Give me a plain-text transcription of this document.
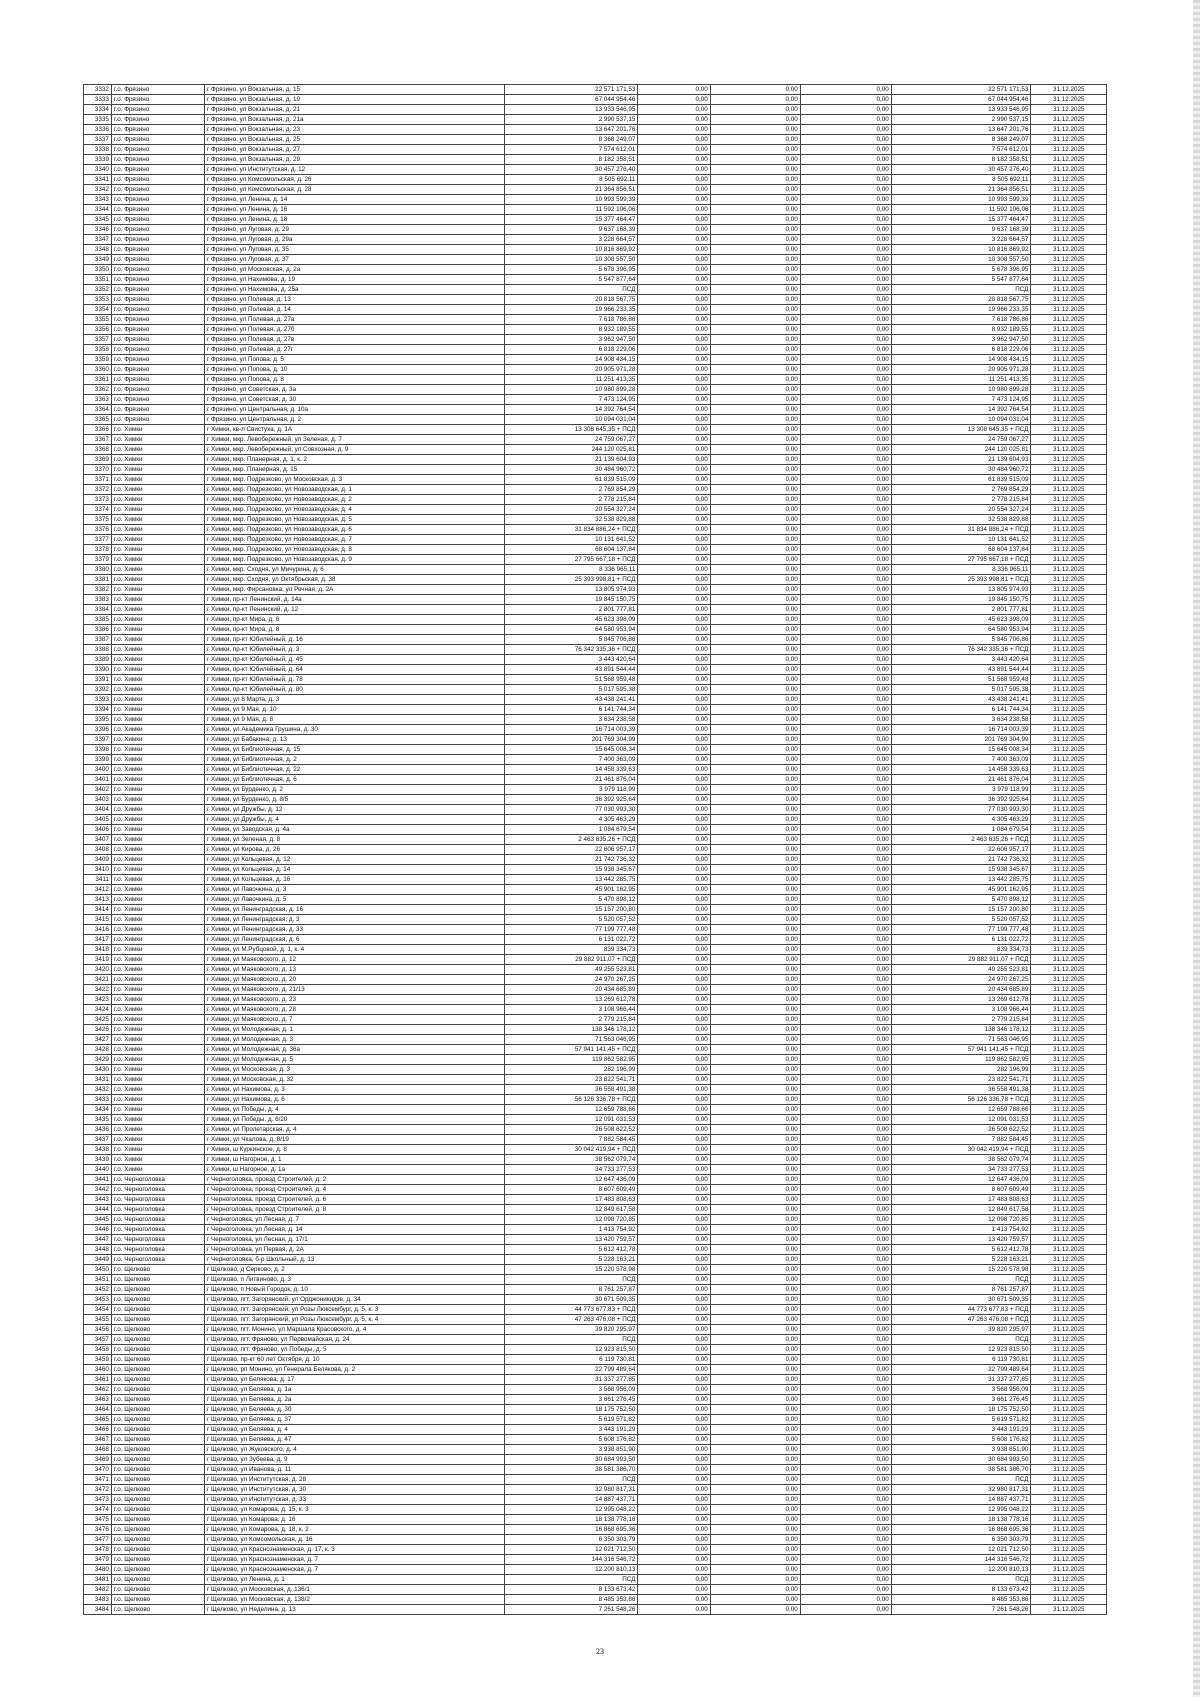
3332	г.о. Фрязино	г Фрязино, ул Вокзальная, д. 15	22 571 171,53	0,00	0,00	0,00	22 571 171,53	31.12.2025
3333	г.о. Фрязино	г Фрязино, ул Вокзальная, д. 19	67 044 954,46	0,00	0,00	0,00	67 044 954,46	31.12.2025
3334	г.о. Фрязино	г Фрязино, ул Вокзальная, д. 21	13 933 546,95	0,00	0,00	0,00	13 933 546,95	31.12.2025
3335	г.о. Фрязино	г Фрязино, ул Вокзальная, д. 21а	2 990 537,15	0,00	0,00	0,00	2 990 537,15	31.12.2025
3336	г.о. Фрязино	г Фрязино, ул Вокзальная, д. 23	13 647 201,76	0,00	0,00	0,00	13 647 201,76	31.12.2025
3337	г.о. Фрязино	г Фрязино, ул Вокзальная, д. 25	8 368 249,07	0,00	0,00	0,00	8 368 249,07	31.12.2025
3338	г.о. Фрязино	г Фрязино, ул Вокзальная, д. 27	7 574 612,01	0,00	0,00	0,00	7 574 612,01	31.12.2025
3339	г.о. Фрязино	г Фрязино, ул Вокзальная, д. 29	8 182 358,51	0,00	0,00	0,00	8 182 358,51	31.12.2025
3340	г.о. Фрязино	г Фрязино, ул Институтская, д. 12	30 457 276,40	0,00	0,00	0,00	30 457 276,40	31.12.2025
3341	г.о. Фрязино	г Фрязино, ул Комсомольская, д. 26	8 505 692,11	0,00	0,00	0,00	8 505 692,11	31.12.2025
3342	г.о. Фрязино	г Фрязино, ул Комсомольская, д. 28	21 364 856,51	0,00	0,00	0,00	21 364 856,51	31.12.2025
3343	г.о. Фрязино	г Фрязино, ул Ленина, д. 14	10 993 599,39	0,00	0,00	0,00	10 993 599,39	31.12.2025
3344	г.о. Фрязино	г Фрязино, ул Ленина, д. 16	11 592 106,06	0,00	0,00	0,00	11 592 106,06	31.12.2025
3345	г.о. Фрязино	г Фрязино, ул Ленина, д. 18	15 377 464,47	0,00	0,00	0,00	15 377 464,47	31.12.2025
3346	г.о. Фрязино	г Фрязино, ул Луговая, д. 29	9 637 168,39	0,00	0,00	0,00	9 637 168,39	31.12.2025
3347	г.о. Фрязино	г Фрязино, ул Луговая, д. 29а	3 228 664,57	0,00	0,00	0,00	3 228 664,57	31.12.2025
3348	г.о. Фрязино	г Фрязино, ул Луговая, д. 35	10 816 869,92	0,00	0,00	0,00	10 816 869,92	31.12.2025
3349	г.о. Фрязино	г Фрязино, ул Луговая, д. 37	10 308 557,50	0,00	0,00	0,00	10 308 557,50	31.12.2025
3350	г.о. Фрязино	г Фрязино, ул Московская, д. 2а	5 678 396,95	0,00	0,00	0,00	5 678 396,95	31.12.2025
3351	г.о. Фрязино	г Фрязино, ул Нахимова, д. 19	5 547 877,64	0,00	0,00	0,00	5 547 877,64	31.12.2025
3352	г.о. Фрязино	г Фрязино, ул Нахимова, д. 25а	ПСД	0,00	0,00	0,00	ПСД	31.12.2025
3353	г.о. Фрязино	г Фрязино, ул Полевая, д. 13	20 818 567,75	0,00	0,00	0,00	20 818 567,75	31.12.2025
3354	г.о. Фрязино	г Фрязино, ул Полевая, д. 14	19 966 233,35	0,00	0,00	0,00	19 966 233,35	31.12.2025
3355	г.о. Фрязино	г Фрязино, ул Полевая, д. 27а	7 618 786,86	0,00	0,00	0,00	7 618 786,86	31.12.2025
3356	г.о. Фрязино	г Фрязино, ул Полевая, д. 27б	8 932 189,55	0,00	0,00	0,00	8 932 189,55	31.12.2025
3357	г.о. Фрязино	г Фрязино, ул Полевая, д. 27в	3 962 947,50	0,00	0,00	0,00	3 962 947,50	31.12.2025
3358	г.о. Фрязино	г Фрязино, ул Полевая, д. 27г	6 818 229,06	0,00	0,00	0,00	6 818 229,06	31.12.2025
3359	г.о. Фрязино	г Фрязино, ул Попова, д. 5	14 908 434,15	0,00	0,00	0,00	14 908 434,15	31.12.2025
3360	г.о. Фрязино	г Фрязино, ул Попова, д. 10	20 905 971,28	0,00	0,00	0,00	20 905 971,28	31.12.2025
3361	г.о. Фрязино	г Фрязино, ул Попова, д. 8	11 251 413,35	0,00	0,00	0,00	11 251 413,35	31.12.2025
3362	г.о. Фрязино	г Фрязино, ул Советская, д. 3а	10 980 899,28	0,00	0,00	0,00	10 980 899,28	31.12.2025
3363	г.о. Фрязино	г Фрязино, ул Советская, д. 30	7 473 124,95	0,00	0,00	0,00	7 473 124,95	31.12.2025
3364	г.о. Фрязино	г Фрязино, ул Центральная, д. 10а	14 392 764,54	0,00	0,00	0,00	14 392 764,54	31.12.2025
3365	г.о. Фрязино	г Фрязино, ул Центральная, д. 2	10 094 031,04	0,00	0,00	0,00	10 094 031,04	31.12.2025
3366	г.о. Химки	г Химки, кв-л Свистуха, д. 1А	13 308 645,35 + ПСД	0,00	0,00	0,00	13 308 645,35 + ПСД	31.12.2025
3367	г.о. Химки	г Химки, мкр. Левобережный, ул Зеленая, д. 7	24 759 067,27	0,00	0,00	0,00	24 759 067,27	31.12.2025
3368	г.о. Химки	г Химки, мкр. Левобережный, ул Совхозная, д. 9	244 120 025,81	0,00	0,00	0,00	244 120 025,81	31.12.2025
3369	г.о. Химки	г Химки, мкр. Планерная, д. 1, к. 2	21 139 604,93	0,00	0,00	0,00	21 139 604,93	31.12.2025
3370	г.о. Химки	г Химки, мкр. Планерная, д. 15	30 484 960,72	0,00	0,00	0,00	30 484 960,72	31.12.2025
3371	г.о. Химки	г Химки, мкр. Подрезково, ул Московская, д. 3	61 839 515,09	0,00	0,00	0,00	61 839 515,09	31.12.2025
3372	г.о. Химки	г Химки, мкр. Подрезково, ул Новозаводская, д. 1	2 769 854,29	0,00	0,00	0,00	2 769 854,29	31.12.2025
3373	г.о. Химки	г Химки, мкр. Подрезково, ул Новозаводская, д. 2	2 778 215,84	0,00	0,00	0,00	2 778 215,84	31.12.2025
3374	г.о. Химки	г Химки, мкр. Подрезково, ул Новозаводская, д. 4	20 554 327,24	0,00	0,00	0,00	20 554 327,24	31.12.2025
3375	г.о. Химки	г Химки, мкр. Подрезково, ул Новозаводская, д. 5	32 538 829,88	0,00	0,00	0,00	32 538 829,88	31.12.2025
3376	г.о. Химки	г Химки, мкр. Подрезково, ул Новозаводская, д. 6	31 834 886,24 + ПСД	0,00	0,00	0,00	31 834 886,24 + ПСД	31.12.2025
3377	г.о. Химки	г Химки, мкр. Подрезково, ул Новозаводская, д. 7	10 131 641,52	0,00	0,00	0,00	10 131 641,52	31.12.2025
3378	г.о. Химки	г Химки, мкр. Подрезково, ул Новозаводская, д. 8	68 604 137,84	0,00	0,00	0,00	68 604 137,84	31.12.2025
3379	г.о. Химки	г Химки, мкр. Подрезково, ул Новозаводская, д. 9	27 795 667,18 + ПСД	0,00	0,00	0,00	27 795 667,18 + ПСД	31.12.2025
3380	г.о. Химки	г Химки, мкр. Сходня, ул Мичурина, д. 6	8 336 965,11	0,00	0,00	0,00	8 336 965,11	31.12.2025
3381	г.о. Химки	г Химки, мкр. Сходня, ул Октябрьская, д. 38	25 393 998,81 + ПСД	0,00	0,00	0,00	25 393 998,81 + ПСД	31.12.2025
3382	г.о. Химки	г Химки, мкр. Фирсановка, ул Речная, д. 2А	13 805 974,93	0,00	0,00	0,00	13 805 974,93	31.12.2025
3383	г.о. Химки	г Химки, пр-кт Ленинский, д. 14а	19 845 150,75	0,00	0,00	0,00	19 845 150,75	31.12.2025
3384	г.о. Химки	г Химки, пр-кт Ленинский, д. 12	2 801 777,81	0,00	0,00	0,00	2 801 777,81	31.12.2025
3385	г.о. Химки	г Химки, пр-кт Мира, д. 6	45 623 398,09	0,00	0,00	0,00	45 623 398,09	31.12.2025
3386	г.о. Химки	г Химки, пр-кт Мира, д. 8	64 580 953,94	0,00	0,00	0,00	64 580 953,94	31.12.2025
3387	г.о. Химки	г Химки, пр-кт Юбилейный, д. 16	5 845 706,86	0,00	0,00	0,00	5 845 706,86	31.12.2025
3388	г.о. Химки	г Химки, пр-кт Юбилейный, д. 3	76 342 335,36 + ПСД	0,00	0,00	0,00	76 342 335,36 + ПСД	31.12.2025
3389	г.о. Химки	г Химки, пр-кт Юбилейный, д. 45	3 443 420,64	0,00	0,00	0,00	3 443 420,64	31.12.2025
3390	г.о. Химки	г Химки, пр-кт Юбилейный, д. 64	43 891 544,44	0,00	0,00	0,00	43 891 544,44	31.12.2025
3391	г.о. Химки	г Химки, пр-кт Юбилейный, д. 78	51 568 959,48	0,00	0,00	0,00	51 568 959,48	31.12.2025
3392	г.о. Химки	г Химки, пр-кт Юбилейный, д. 80	5 017 595,38	0,00	0,00	0,00	5 017 595,38	31.12.2025
3393	г.о. Химки	г Химки, ул 8 Марта, д. 3	43 438 241,41	0,00	0,00	0,00	43 438 241,41	31.12.2025
3394	г.о. Химки	г Химки, ул 9 Мая, д. 10	6 141 744,34	0,00	0,00	0,00	6 141 744,34	31.12.2025
3395	г.о. Химки	г Химки, ул 9 Мая, д. 8	3 634 238,58	0,00	0,00	0,00	3 634 238,58	31.12.2025
3396	г.о. Химки	г Химки, ул Академика Грушина, д. 30	16 714 003,39	0,00	0,00	0,00	16 714 003,39	31.12.2025
3397	г.о. Химки	г Химки, ул Бабакина, д. 13	201 769 304,99	0,00	0,00	0,00	201 769 304,99	31.12.2025
3398	г.о. Химки	г Химки, ул Библиотечная, д. 15	15 645 008,34	0,00	0,00	0,00	15 645 008,34	31.12.2025
3399	г.о. Химки	г Химки, ул Библиотечная, д. 2	7 400 363,09	0,00	0,00	0,00	7 400 363,09	31.12.2025
3400	г.о. Химки	г Химки, ул Библиотечная, д. 22	14 458 339,63	0,00	0,00	0,00	14 458 339,63	31.12.2025
3401	г.о. Химки	г Химки, ул Библиотечная, д. 6	21 461 876,04	0,00	0,00	0,00	21 461 876,04	31.12.2025
3402	г.о. Химки	г Химки, ул Бурденко, д. 2	3 979 118,99	0,00	0,00	0,00	3 979 118,99	31.12.2025
3403	г.о. Химки	г Химки, ул Бурденко, д. 8/5	36 392 925,64	0,00	0,00	0,00	36 392 925,64	31.12.2025
3404	г.о. Химки	г Химки, ул Дружбы, д. 12	77 030 993,30	0,00	0,00	0,00	77 030 993,30	31.12.2025
3405	г.о. Химки	г Химки, ул Дружбы, д. 4	4 305 463,29	0,00	0,00	0,00	4 305 463,29	31.12.2025
3406	г.о. Химки	г Химки, ул Заводская, д. 4а	1 084 679,54	0,00	0,00	0,00	1 084 679,54	31.12.2025
3407	г.о. Химки	г Химки, ул Зеленая, д. 8	2 463 635,26 + ПСД	0,00	0,00	0,00	2 463 635,26 + ПСД	31.12.2025
3408	г.о. Химки	г Химки, ул Кирова, д. 26	22 606 957,17	0,00	0,00	0,00	22 606 957,17	31.12.2025
3409	г.о. Химки	г Химки, ул Кольцевая, д. 12	21 742 736,32	0,00	0,00	0,00	21 742 736,32	31.12.2025
3410	г.о. Химки	г Химки, ул Кольцевая, д. 14	15 938 345,67	0,00	0,00	0,00	15 938 345,67	31.12.2025
3411	г.о. Химки	г Химки, ул Кольцевая, д. 16	13 442 285,75	0,00	0,00	0,00	13 442 285,75	31.12.2025
3412	г.о. Химки	г Химки, ул Лавочкина, д. 3	45 901 162,95	0,00	0,00	0,00	45 901 162,95	31.12.2025
3413	г.о. Химки	г Химки, ул Лавочкина, д. 5	5 470 898,12	0,00	0,00	0,00	5 470 898,12	31.12.2025
3414	г.о. Химки	г Химки, ул Ленинградская, д. 16	15 157 200,80	0,00	0,00	0,00	15 157 200,80	31.12.2025
3415	г.о. Химки	г Химки, ул Ленинградская, д. 3	5 520 057,52	0,00	0,00	0,00	5 520 057,52	31.12.2025
3416	г.о. Химки	г Химки, ул Ленинградская, д. 33	77 199 777,48	0,00	0,00	0,00	77 199 777,48	31.12.2025
3417	г.о. Химки	г Химки, ул Ленинградская, д. 6	6 131 022,72	0,00	0,00	0,00	6 131 022,72	31.12.2025
3418	г.о. Химки	г Химки, ул М.Рубцовой, д. 1, к. 4	839 334,73	0,00	0,00	0,00	839 334,73	31.12.2025
3419	г.о. Химки	г Химки, ул Маяковского, д. 12	29 882 911,07 + ПСД	0,00	0,00	0,00	29 882 911,07 + ПСД	31.12.2025
3420	г.о. Химки	г Химки, ул Маяковского, д. 13	49 255 523,81	0,00	0,00	0,00	49 255 523,81	31.12.2025
3421	г.о. Химки	г Химки, ул Маяковского, д. 20	24 970 267,25	0,00	0,00	0,00	24 970 267,25	31.12.2025
3422	г.о. Химки	г Химки, ул Маяковского, д. 21/13	20 434 685,89	0,00	0,00	0,00	20 434 685,89	31.12.2025
3423	г.о. Химки	г Химки, ул Маяковского, д. 23	13 269 612,78	0,00	0,00	0,00	13 269 612,78	31.12.2025
3424	г.о. Химки	г Химки, ул Маяковского, д. 28	3 108 966,44	0,00	0,00	0,00	3 108 966,44	31.12.2025
3425	г.о. Химки	г Химки, ул Маяковского, д. 7	2 779 215,84	0,00	0,00	0,00	2 779 215,84	31.12.2025
3426	г.о. Химки	г Химки, ул Молодежная, д. 1	138 346 178,12	0,00	0,00	0,00	138 346 178,12	31.12.2025
3427	г.о. Химки	г Химки, ул Молодежная, д. 3	71 563 046,95	0,00	0,00	0,00	71 563 046,95	31.12.2025
3428	г.о. Химки	г Химки, ул Молодежная, д. 36а	57 941 141,45 + ПСД	0,00	0,00	0,00	57 941 141,45 + ПСД	31.12.2025
3429	г.о. Химки	г Химки, ул Молодежная, д. 5	119 862 582,95	0,00	0,00	0,00	119 862 582,95	31.12.2025
3430	г.о. Химки	г Химки, ул Московская, д. 3	282 196,99	0,00	0,00	0,00	282 196,99	31.12.2025
3431	г.о. Химки	г Химки, ул Московская, д. 32	23 822 541,71	0,00	0,00	0,00	23 822 541,71	31.12.2025
3432	г.о. Химки	г Химки, ул Нахимова, д. 3	36 558 491,38	0,00	0,00	0,00	36 558 491,38	31.12.2025
3433	г.о. Химки	г Химки, ул Нахимова, д. 6	56 126 336,78 + ПСД	0,00	0,00	0,00	56 126 336,78 + ПСД	31.12.2025
3434	г.о. Химки	г Химки, ул Победы, д. 4	12 659 788,66	0,00	0,00	0,00	12 659 788,66	31.12.2025
3435	г.о. Химки	г Химки, ул Победы, д. 6/20	12 091 031,53	0,00	0,00	0,00	12 091 031,53	31.12.2025
3436	г.о. Химки	г Химки, ул Пролетарская, д. 4	26 508 622,52	0,00	0,00	0,00	26 508 622,52	31.12.2025
3437	г.о. Химки	г Химки, ул Чкалова, д. 8/19	7 882 584,45	0,00	0,00	0,00	7 882 584,45	31.12.2025
3438	г.о. Химки	г Химки, ш Куркинское, д. 8	30 042 419,94 + ПСД	0,00	0,00	0,00	30 042 419,94 + ПСД	31.12.2025
3439	г.о. Химки	г Химки, ш Нагорное, д. 1	38 562 079,74	0,00	0,00	0,00	38 562 079,74	31.12.2025
3440	г.о. Химки	г Химки, ш Нагорное, д. 1а	34 733 277,53	0,00	0,00	0,00	34 733 277,53	31.12.2025
3441	г.о. Черноголовка	г Черноголовка, проезд Строителей, д. 2	12 647 436,09	0,00	0,00	0,00	12 647 436,09	31.12.2025
3442	г.о. Черноголовка	г Черноголовка, проезд Строителей, д. 4	8 607 609,49	0,00	0,00	0,00	8 607 609,49	31.12.2025
3443	г.о. Черноголовка	г Черноголовка, проезд Строителей, д. 6	17 483 808,63	0,00	0,00	0,00	17 483 808,63	31.12.2025
3444	г.о. Черноголовка	г Черноголовка, проезд Строителей, д. 8	12 849 617,58	0,00	0,00	0,00	12 849 617,58	31.12.2025
3445	г.о. Черноголовка	г Черноголовка, ул Лесная, д. 7	12 098 720,85	0,00	0,00	0,00	12 098 720,85	31.12.2025
3446	г.о. Черноголовка	г Черноголовка, ул Лесная, д. 14	1 413 754,92	0,00	0,00	0,00	1 413 754,92	31.12.2025
3447	г.о. Черноголовка	г Черноголовка, ул Лесная, д. 17/1	13 420 759,57	0,00	0,00	0,00	13 420 759,57	31.12.2025
3448	г.о. Черноголовка	г Черноголовка, ул Первая, д. 2А	5 612 412,78	0,00	0,00	0,00	5 612 412,78	31.12.2025
3449	г.о. Черноголовка	г Черноголовка, б-р Школьный, д. 13	5 228 163,21	0,00	0,00	0,00	5 228 163,21	31.12.2025
3450	г.о. Щелково	г Щелково, д Серково, д. 2	15 220 578,98	0,00	0,00	0,00	15 220 578,98	31.12.2025
3451	г.о. Щелково	г Щелково, п Литвиново, д. 3	ПСД	0,00	0,00	0,00	ПСД	31.12.2025
3452	г.о. Щелково	г Щелково, п Новый Городок, д. 10	8 761 257,87	0,00	0,00	0,00	8 761 257,87	31.12.2025
3453	г.о. Щелково	г Щелково, пгт. Загорянский, ул Орджоникидзе, д. 34	30 671 509,35	0,00	0,00	0,00	30 671 509,35	31.12.2025
3454	г.о. Щелково	г Щелково, пгт. Загорянский, ул Розы Люксембург, д. 5, к. 3	44 773 677,83 + ПСД	0,00	0,00	0,00	44 773 677,83 + ПСД	31.12.2025
3455	г.о. Щелково	г Щелково, пгт. Загорянский, ул Розы Люксембург, д. 5, к. 4	47 263 476,08 + ПСД	0,00	0,00	0,00	47 263 476,08 + ПСД	31.12.2025
3456	г.о. Щелково	г Щелково, пгт. Монино, ул Маршала Красовского, д. 4	39 820 295,97	0,00	0,00	0,00	39 820 295,97	31.12.2025
3457	г.о. Щелково	г Щелково, пгт. Фряново, ул Первомайская, д. 24	ПСД	0,00	0,00	0,00	ПСД	31.12.2025
3458	г.о. Щелково	г Щелково, пгт. Фряново, ул Победы, д. 5	12 923 815,50	0,00	0,00	0,00	12 923 815,50	31.12.2025
3459	г.о. Щелково	г Щелково, пр-кт 60 лет Октября, д. 10	6 119 730,81	0,00	0,00	0,00	6 119 730,81	31.12.2025
3460	г.о. Щелково	г Щелково, рп Монино, ул Генерала Белякова, д. 2	22 799 489,64	0,00	0,00	0,00	22 799 489,64	31.12.2025
3461	г.о. Щелково	г Щелково, ул Белякова, д. 17	31 337 277,85	0,00	0,00	0,00	31 337 277,85	31.12.2025
3462	г.о. Щелково	г Щелково, ул Беляева, д. 1а	3 568 956,09	0,00	0,00	0,00	3 568 956,09	31.12.2025
3463	г.о. Щелково	г Щелково, ул Беляева, д. 2а	3 661 276,45	0,00	0,00	0,00	3 661 276,45	31.12.2025
3464	г.о. Щелково	г Щелково, ул Беляева, д. 3б	18 175 752,50	0,00	0,00	0,00	18 175 752,50	31.12.2025
3465	г.о. Щелково	г Щелково, ул Беляева, д. 37	5 619 571,82	0,00	0,00	0,00	5 619 571,82	31.12.2025
3466	г.о. Щелково	г Щелково, ул Беляева, д. 4	3 443 191,29	0,00	0,00	0,00	3 443 191,29	31.12.2025
3467	г.о. Щелково	г Щелково, ул Беляева, д. 47	5 608 176,82	0,00	0,00	0,00	5 608 176,82	31.12.2025
3468	г.о. Щелково	г Щелково, ул Жуковского, д. 4	3 938 851,90	0,00	0,00	0,00	3 938 851,90	31.12.2025
3469	г.о. Щелково	г Щелково, ул Зубеева, д. 9	30 684 993,50	0,00	0,00	0,00	30 684 993,50	31.12.2025
3470	г.о. Щелково	г Щелково, ул Иванова, д. 11	38 581 386,70	0,00	0,00	0,00	38 581 386,70	31.12.2025
3471	г.о. Щелково	г Щелково, ул Институтская, д. 28	ПСД	0,00	0,00	0,00	ПСД	31.12.2025
3472	г.о. Щелково	г Щелково, ул Институтская, д. 30	32 980 817,31	0,00	0,00	0,00	32 980 817,31	31.12.2025
3473	г.о. Щелково	г Щелково, ул Институтская, д. 33	14 887 437,71	0,00	0,00	0,00	14 887 437,71	31.12.2025
3474	г.о. Щелково	г Щелково, ул Комарова, д. 15, к. 3	12 995 048,22	0,00	0,00	0,00	12 995 048,22	31.12.2025
3475	г.о. Щелково	г Щелково, ул Комарова, д. 16	18 138 778,16	0,00	0,00	0,00	18 138 778,16	31.12.2025
3476	г.о. Щелково	г Щелково, ул Комарова, д. 18, к. 2	16 868 695,36	0,00	0,00	0,00	16 868 695,36	31.12.2025
3477	г.о. Щелково	г Щелково, ул Комсомольская, д. 16	6 350 303,79	0,00	0,00	0,00	6 350 303,79	31.12.2025
3478	г.о. Щелково	г Щелково, ул Краснознаменская, д. 17, к. 3	12 021 712,50	0,00	0,00	0,00	12 021 712,50	31.12.2025
3479	г.о. Щелково	г Щелково, ул Краснознаменская, д. 7	144 316 546,72	0,00	0,00	0,00	144 316 546,72	31.12.2025
3480	г.о. Щелково	г Щелково, ул Краснознаменская, д. 7	12 200 810,13	0,00	0,00	0,00	12 200 810,13	31.12.2025
3481	г.о. Щелково	г Щелково, ул Ленина, д. 1	ПСД	0,00	0,00	0,00	ПСД	31.12.2025
3482	г.о. Щелково	г Щелково, ул Московская, д. 136/1	8 133 673,42	0,00	0,00	0,00	8 133 673,42	31.12.2025
3483	г.о. Щелково	г Щелково, ул Московская, д. 138/2	8 485 353,86	0,00	0,00	0,00	8 485 353,86	31.12.2025
3484	г.о. Щелково	г Щелково, ул Неделина, д. 13	7 261 548,26	0,00	0,00	0,00	7 261 548,26	31.12.2025
23
